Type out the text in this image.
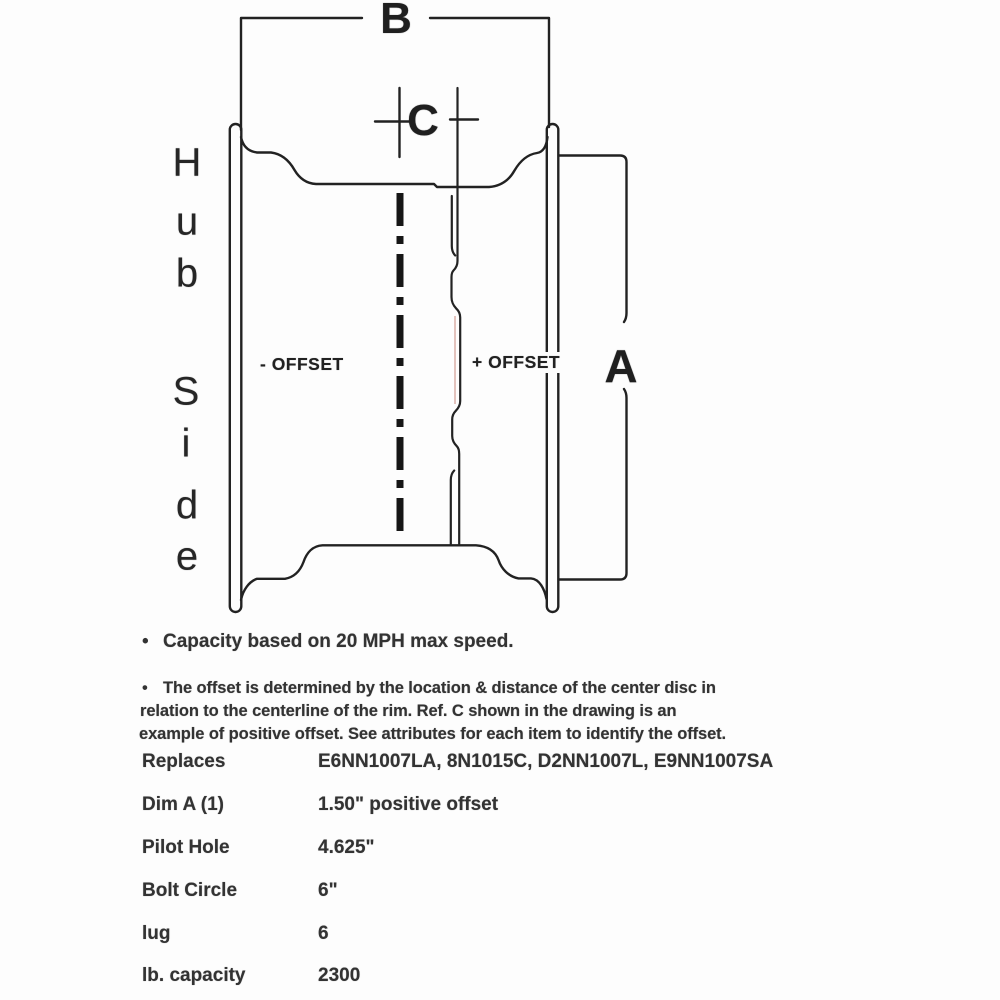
B
C
A
H
u
b
S
i
d
e
- OFFSET	+ OFFSET
• Capacity based on 20 MPH max speed.
• The offset is determined by the location & distance of the center disc in
relation to the centerline of the rim. Ref. C shown in the drawing is an
example of positive offset. See attributes for each item to identify the offset.
Replaces	E6NN1007LA, 8N1015C, D2NN1007L, E9NN1007SA
Dim A (1)	1.50" positive offset
Pilot Hole	4.625"
Bolt Circle	6"
lug	6
lb. capacity	2300
